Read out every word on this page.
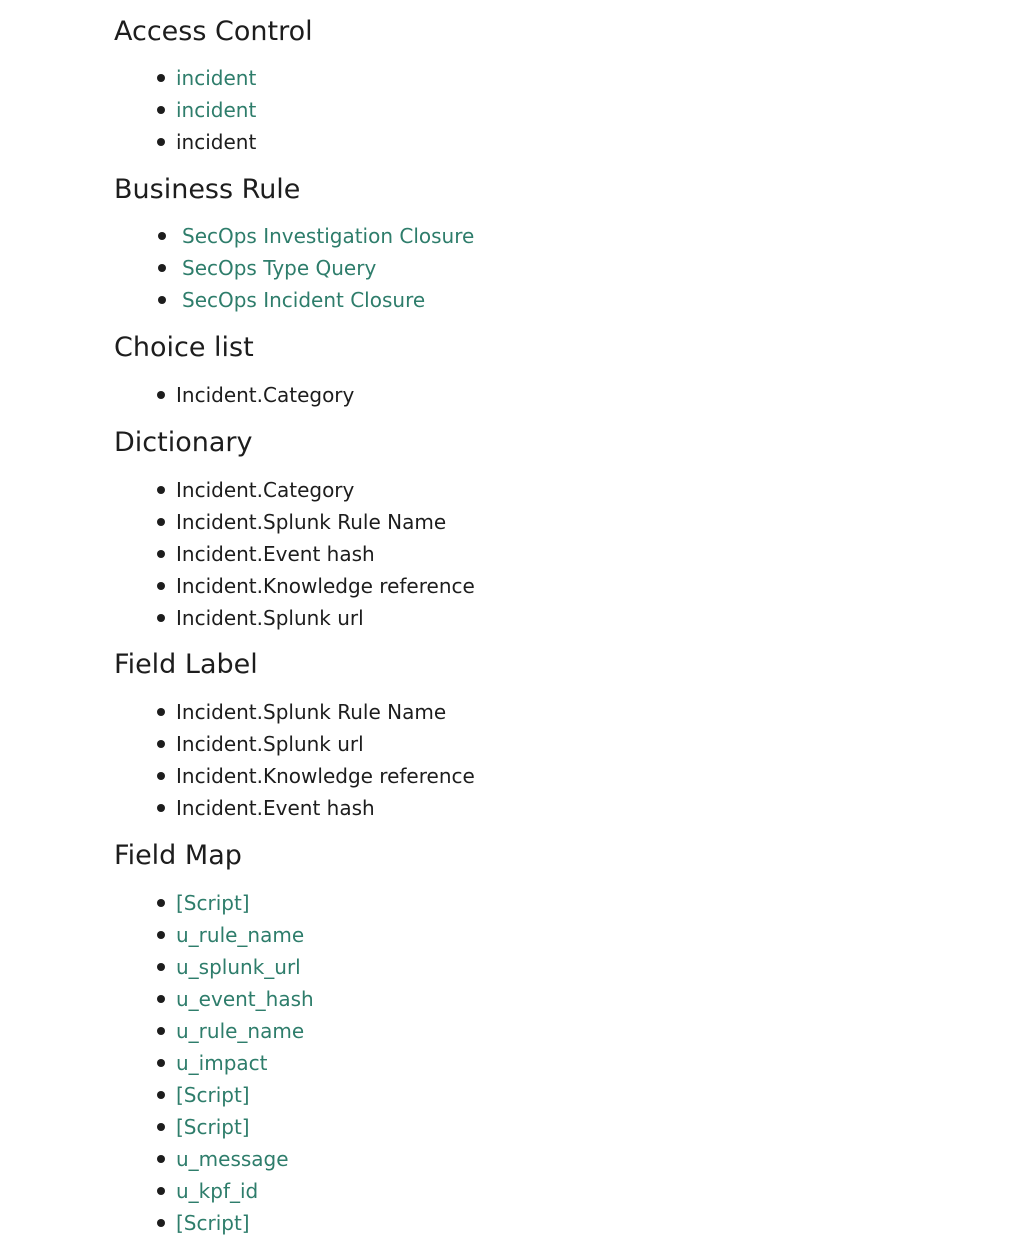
Access Control
incident
incident
incident
Business Rule
SecOps Investigation Closure
SecOps Type Query
SecOps Incident Closure
Choice list
Incident.Category
Dictionary
Incident.Category
Incident.Splunk Rule Name
Incident.Event hash
Incident.Knowledge reference
Incident.Splunk url
Field Label
Incident.Splunk Rule Name
Incident.Splunk url
Incident.Knowledge reference
Incident.Event hash
Field Map
[Script]
u_rule_name
u_splunk_url
u_event_hash
u_rule_name
u_impact
[Script]
[Script]
u_message
u_kpf_id
[Script]
